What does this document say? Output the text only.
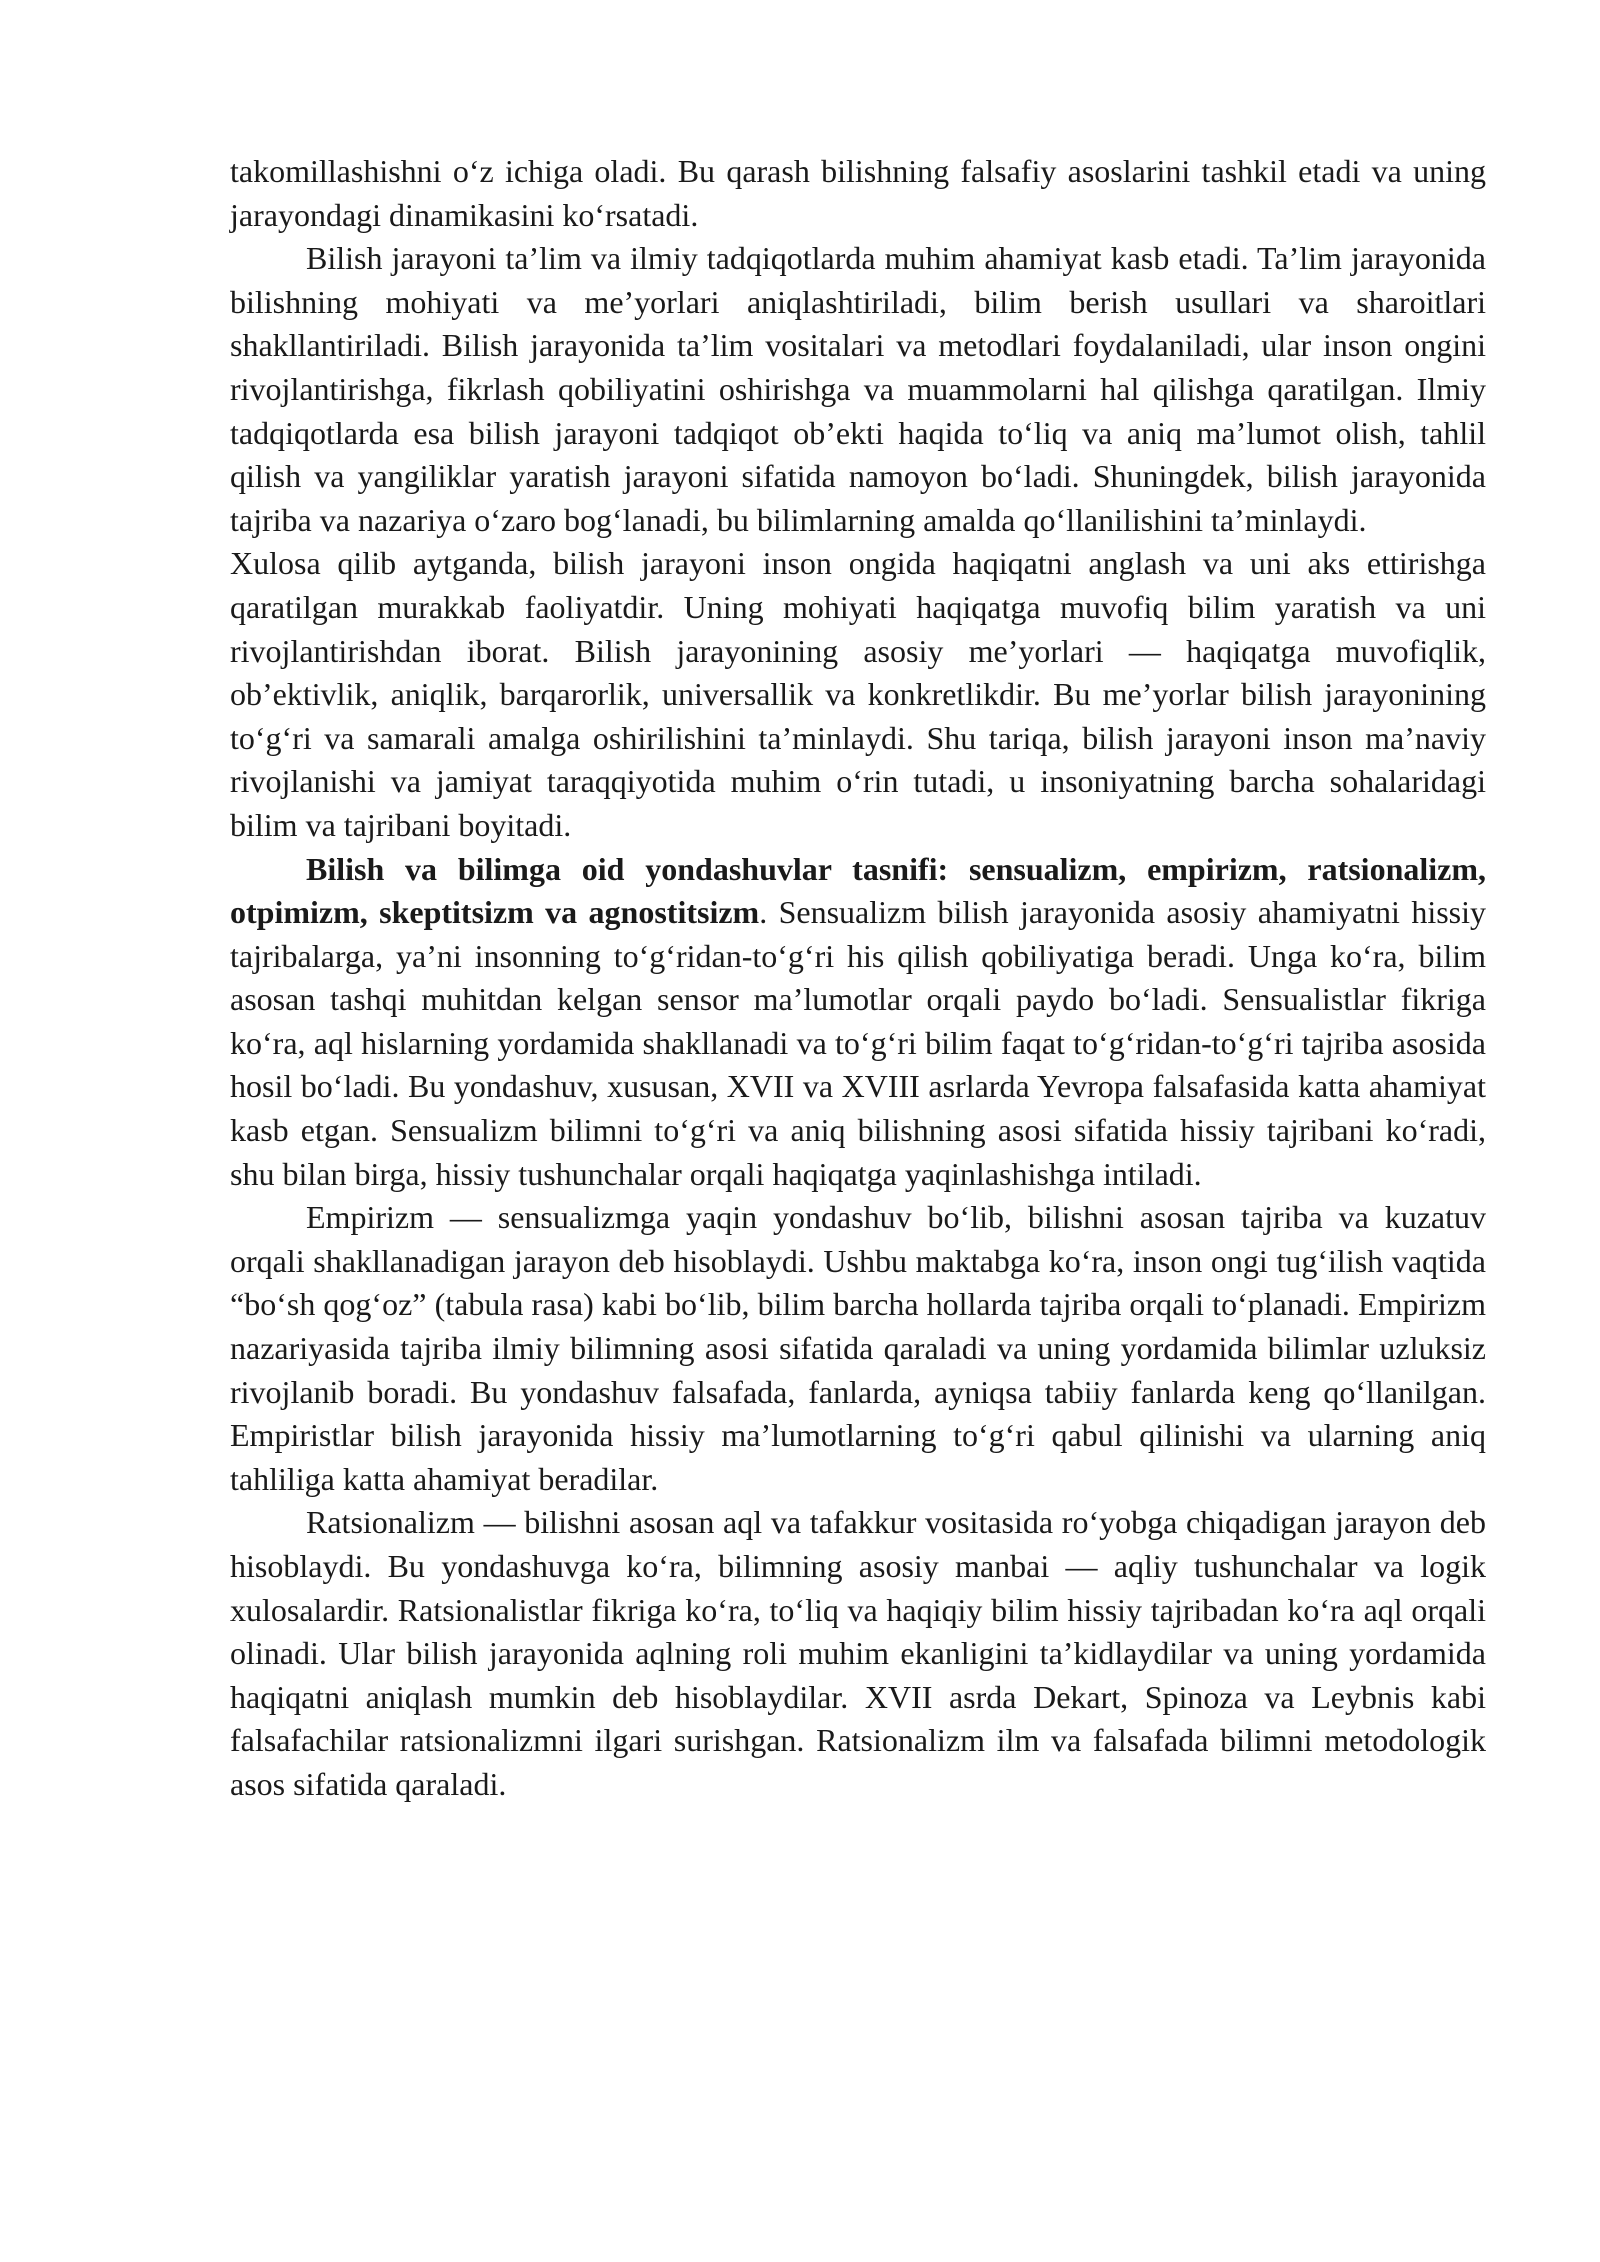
takomillashishni o‘z ichiga oladi. Bu qarash bilishning falsafiy asoslarini tashkil etadi va uning jarayondagi dinamikasini ko‘rsatadi.

Bilish jarayoni ta’lim va ilmiy tadqiqotlarda muhim ahamiyat kasb etadi. Ta’lim jarayonida bilishning mohiyati va me’yorlari aniqlashtiriladi, bilim berish usullari va sharoitlari shakllantiriladi. Bilish jarayonida ta’lim vositalari va metodlari foydalaniladi, ular inson ongini rivojlantirishga, fikrlash qobiliyatini oshirishga va muammolarni hal qilishga qaratilgan. Ilmiy tadqiqotlarda esa bilish jarayoni tadqiqot ob’ekti haqida to‘liq va aniq ma’lumot olish, tahlil qilish va yangiliklar yaratish jarayoni sifatida namoyon bo‘ladi. Shuningdek, bilish jarayonida tajriba va nazariya o‘zaro bog‘lanadi, bu bilimlarning amalda qo‘llanilishini ta’minlaydi.

Xulosa qilib aytganda, bilish jarayoni inson ongida haqiqatni anglash va uni aks ettirishga qaratilgan murakkab faoliyatdir. Uning mohiyati haqiqatga muvofiq bilim yaratish va uni rivojlantirishdan iborat. Bilish jarayonining asosiy me’yorlari — haqiqatga muvofiqlik, ob’ektivlik, aniqlik, barqarorlik, universallik va konkretlikdir. Bu me’yorlar bilish jarayonining to‘g‘ri va samarali amalga oshirilishini ta’minlaydi. Shu tariqa, bilish jarayoni inson ma’naviy rivojlanishi va jamiyat taraqqiyotida muhim o‘rin tutadi, u insoniyatning barcha sohalaridagi bilim va tajribani boyitadi.

Bilish va bilimga oid yondashuvlar tasnifi: sensualizm, empirizm, ratsionalizm, otpimizm, skeptitsizm va agnostitsizm. Sensualizm bilish jarayonida asosiy ahamiyatni hissiy tajribalarga, ya’ni insonning to‘g‘ridan-to‘g‘ri his qilish qobiliyatiga beradi. Unga ko‘ra, bilim asosan tashqi muhitdan kelgan sensor ma’lumotlar orqali paydo bo‘ladi. Sensualistlar fikriga ko‘ra, aql hislarning yordamida shakllanadi va to‘g‘ri bilim faqat to‘g‘ridan-to‘g‘ri tajriba asosida hosil bo‘ladi. Bu yondashuv, xususan, XVII va XVIII asrlarda Yevropa falsafasida katta ahamiyat kasb etgan. Sensualizm bilimni to‘g‘ri va aniq bilishning asosi sifatida hissiy tajribani ko‘radi, shu bilan birga, hissiy tushunchalar orqali haqiqatga yaqinlashishga intiladi.

Empirizm — sensualizmga yaqin yondashuv bo‘lib, bilishni asosan tajriba va kuzatuv orqali shakllanadigan jarayon deb hisoblaydi. Ushbu maktabga ko‘ra, inson ongi tug‘ilish vaqtida “bo‘sh qog‘oz” (tabula rasa) kabi bo‘lib, bilim barcha hollarda tajriba orqali to‘planadi. Empirizm nazariyasida tajriba ilmiy bilimning asosi sifatida qaraladi va uning yordamida bilimlar uzluksiz rivojlanib boradi. Bu yondashuv falsafada, fanlarda, ayniqsa tabiiy fanlarda keng qo‘llanilgan. Empiristlar bilish jarayonida hissiy ma’lumotlarning to‘g‘ri qabul qilinishi va ularning aniq tahliliga katta ahamiyat beradilar.

Ratsionalizm — bilishni asosan aql va tafakkur vositasida ro‘yobga chiqadigan jarayon deb hisoblaydi. Bu yondashuvga ko‘ra, bilimning asosiy manbai — aqliy tushunchalar va logik xulosalardir. Ratsionalistlar fikriga ko‘ra, to‘liq va haqiqiy bilim hissiy tajribadan ko‘ra aql orqali olinadi. Ular bilish jarayonida aqlning roli muhim ekanligini ta’kidlaydilar va uning yordamida haqiqatni aniqlash mumkin deb hisoblaydilar. XVII asrda Dekart, Spinoza va Leybnis kabi falsafachilar ratsionalizmni ilgari surishgan. Ratsionalizm ilm va falsafada bilimni metodologik asos sifatida qaraladi.
